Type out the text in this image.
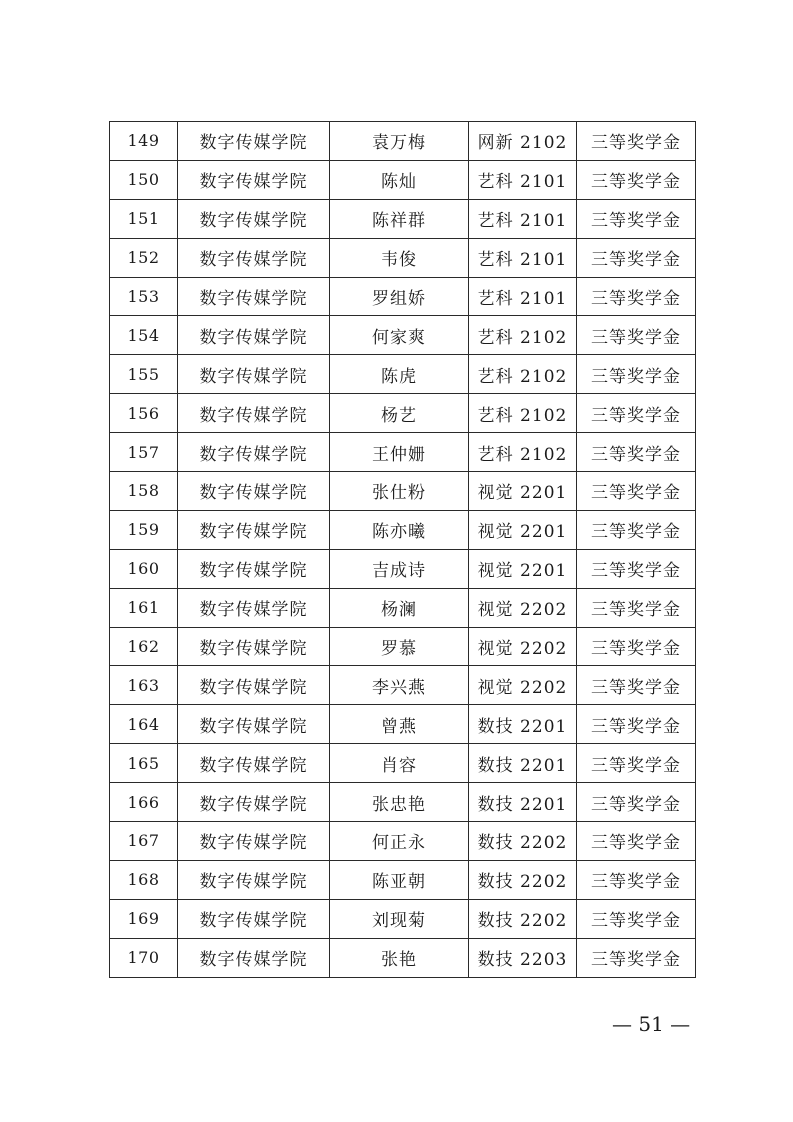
149	数字传媒学院	袁万梅	网新 2102	三等奖学金
150	数字传媒学院	陈灿	艺科 2101	三等奖学金
151	数字传媒学院	陈祥群	艺科 2101	三等奖学金
152	数字传媒学院	韦俊	艺科 2101	三等奖学金
153	数字传媒学院	罗组娇	艺科 2101	三等奖学金
154	数字传媒学院	何家爽	艺科 2102	三等奖学金
155	数字传媒学院	陈虎	艺科 2102	三等奖学金
156	数字传媒学院	杨艺	艺科 2102	三等奖学金
157	数字传媒学院	王仲姗	艺科 2102	三等奖学金
158	数字传媒学院	张仕粉	视觉 2201	三等奖学金
159	数字传媒学院	陈亦曦	视觉 2201	三等奖学金
160	数字传媒学院	吉成诗	视觉 2201	三等奖学金
161	数字传媒学院	杨澜	视觉 2202	三等奖学金
162	数字传媒学院	罗慕	视觉 2202	三等奖学金
163	数字传媒学院	李兴燕	视觉 2202	三等奖学金
164	数字传媒学院	曾燕	数技 2201	三等奖学金
165	数字传媒学院	肖容	数技 2201	三等奖学金
166	数字传媒学院	张忠艳	数技 2201	三等奖学金
167	数字传媒学院	何正永	数技 2202	三等奖学金
168	数字传媒学院	陈亚朝	数技 2202	三等奖学金
169	数字传媒学院	刘现菊	数技 2202	三等奖学金
170	数字传媒学院	张艳	数技 2203	三等奖学金
— 51 —
